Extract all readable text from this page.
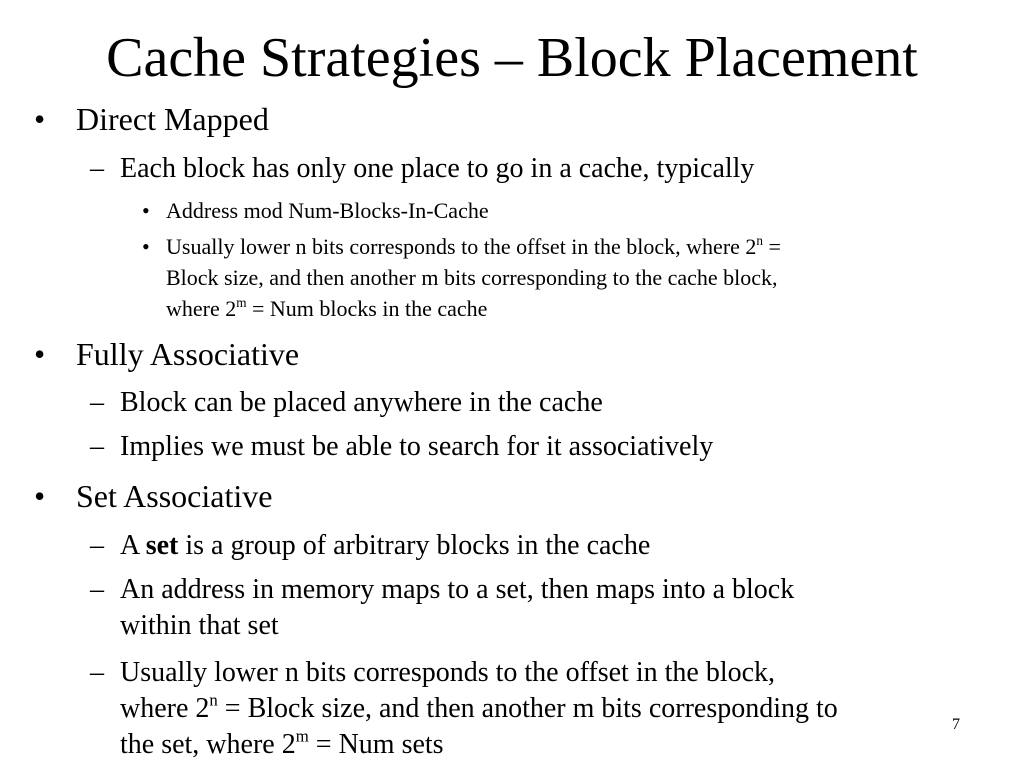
Cache Strategies – Block Placement
• Direct Mapped
– Each block has only one place to go in a cache, typically
• Address mod Num-Blocks-In-Cache
• Usually lower n bits corresponds to the offset in the block, where $2^n$ =
Block size, and then another m bits corresponding to the cache block,
where $2^m$ = Num blocks in the cache
• Fully Associative
– Block can be placed anywhere in the cache
– Implies we must be able to search for it associatively
• Set Associative
– A set is a group of arbitrary blocks in the cache
– An address in memory maps to a set, then maps into a block
within that set
– Usually lower n bits corresponds to the offset in the block,
where $2^n$ = Block size, and then another m bits corresponding to
the set, where $2^m$ = Num sets
7
